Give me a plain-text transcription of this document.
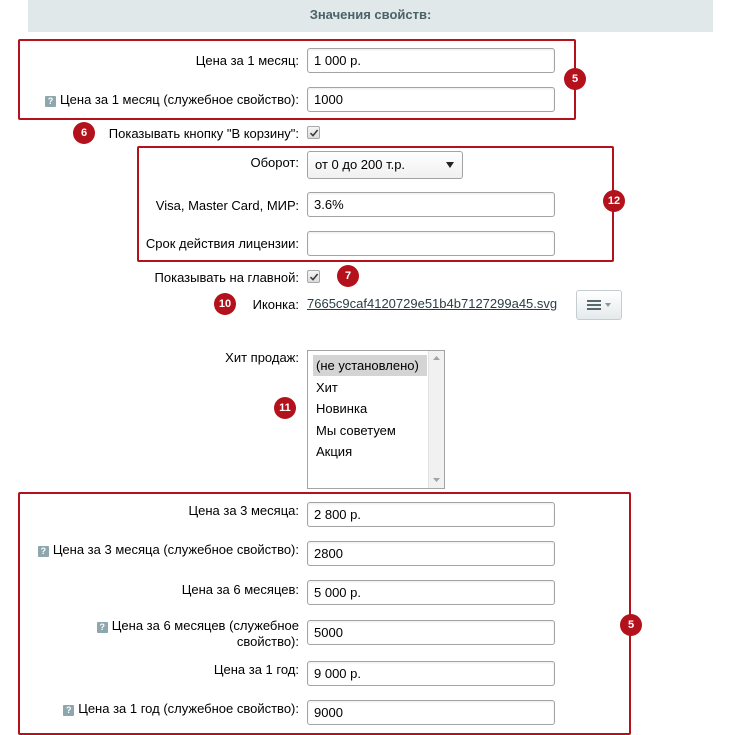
Значения свойств:
Цена за 1 месяц:	1 000 р.
? Цена за 1 месяц (служебное свойство):	1000
Показывать кнопку "В корзину":
Оборот:	от 0 до 200 т.р.
Visa, Master Card, МИР:	3.6%
Срок действия лицензии:
Показывать на главной:
Иконка: 7665c9caf4120729e51b4b7127299a45.svg
Хит продаж:
(не установлено)
Хит
Новинка
Мы советуем
Акция
Цена за 3 месяца:	2 800 р.
? Цена за 3 месяца (служебное свойство):	2800
Цена за 6 месяцев:	5 000 р.
? Цена за 6 месяцев (служебное
свойство):
5000
Цена за 1 год:	9 000 р.
? Цена за 1 год (служебное свойство):	9000
5
6
12
7
10
11
5
